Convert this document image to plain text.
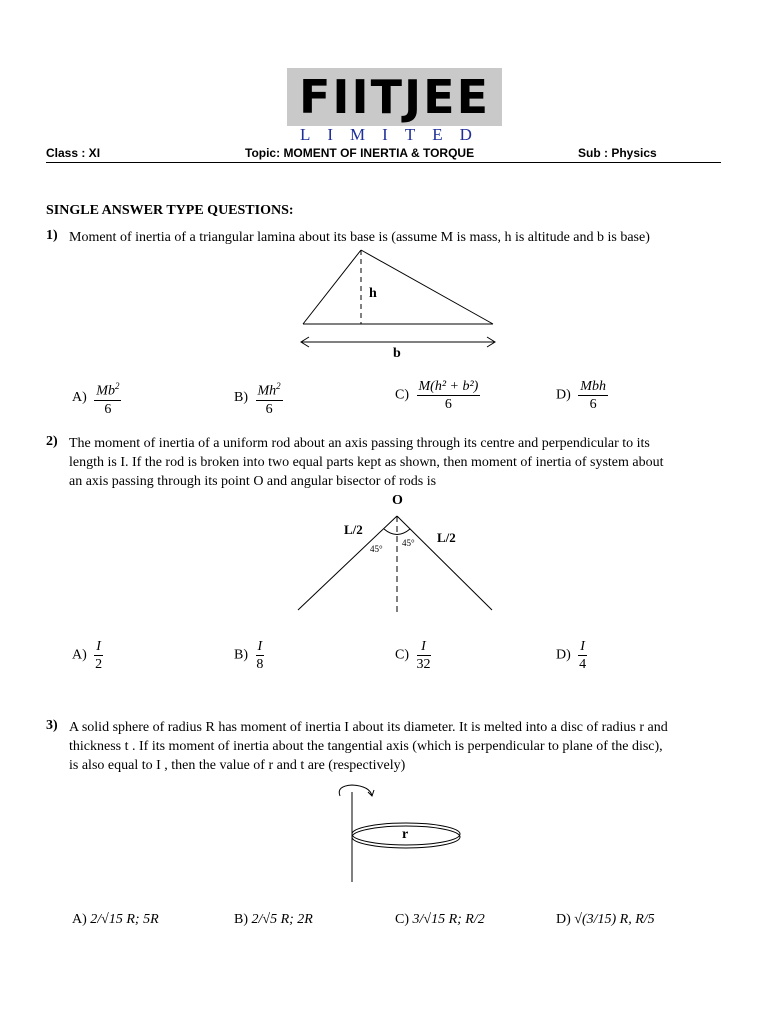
FIITJEE
LIMITED
Class : XI	Topic: MOMENT OF INERTIA & TORQUE	Sub : Physics
SINGLE ANSWER TYPE QUESTIONS:
1) Moment of inertia of a triangular lamina about its base is (assume M is mass, h is altitude and b is base)
h
b
$A) \frac{Mb^2}{6}$	$B) \frac{Mh^2}{6}$	$C) \frac{\text{M(h² + b²)}}{6}$	$D) \frac{\text{Mbh}}{6}$
2) The moment of inertia of a uniform rod about an axis passing through its centre and perpendicular to its
length is I. If the rod is broken into two equal parts kept as shown, then moment of inertia of system about
an axis passing through its point O and angular bisector of rods is
O
L/2
L/2
45°
45°
$A) \frac{I}{2}$	$B) \frac{I}{8}$	$C) \frac{I}{32}$	$D) \frac{I}{4}$
3) A solid sphere of radius R has moment of inertia I about its diameter. It is melted into a disc of radius r and
thickness t . If its moment of inertia about the tangential axis (which is perpendicular to plane of the disc),
is also equal to I , then the value of r and t are (respectively)
r
A) 2/√15 R; 5R	B) 2/√5 R; 2R	C) 3/√15 R; R/2	D) √(3/15) R, R/5
